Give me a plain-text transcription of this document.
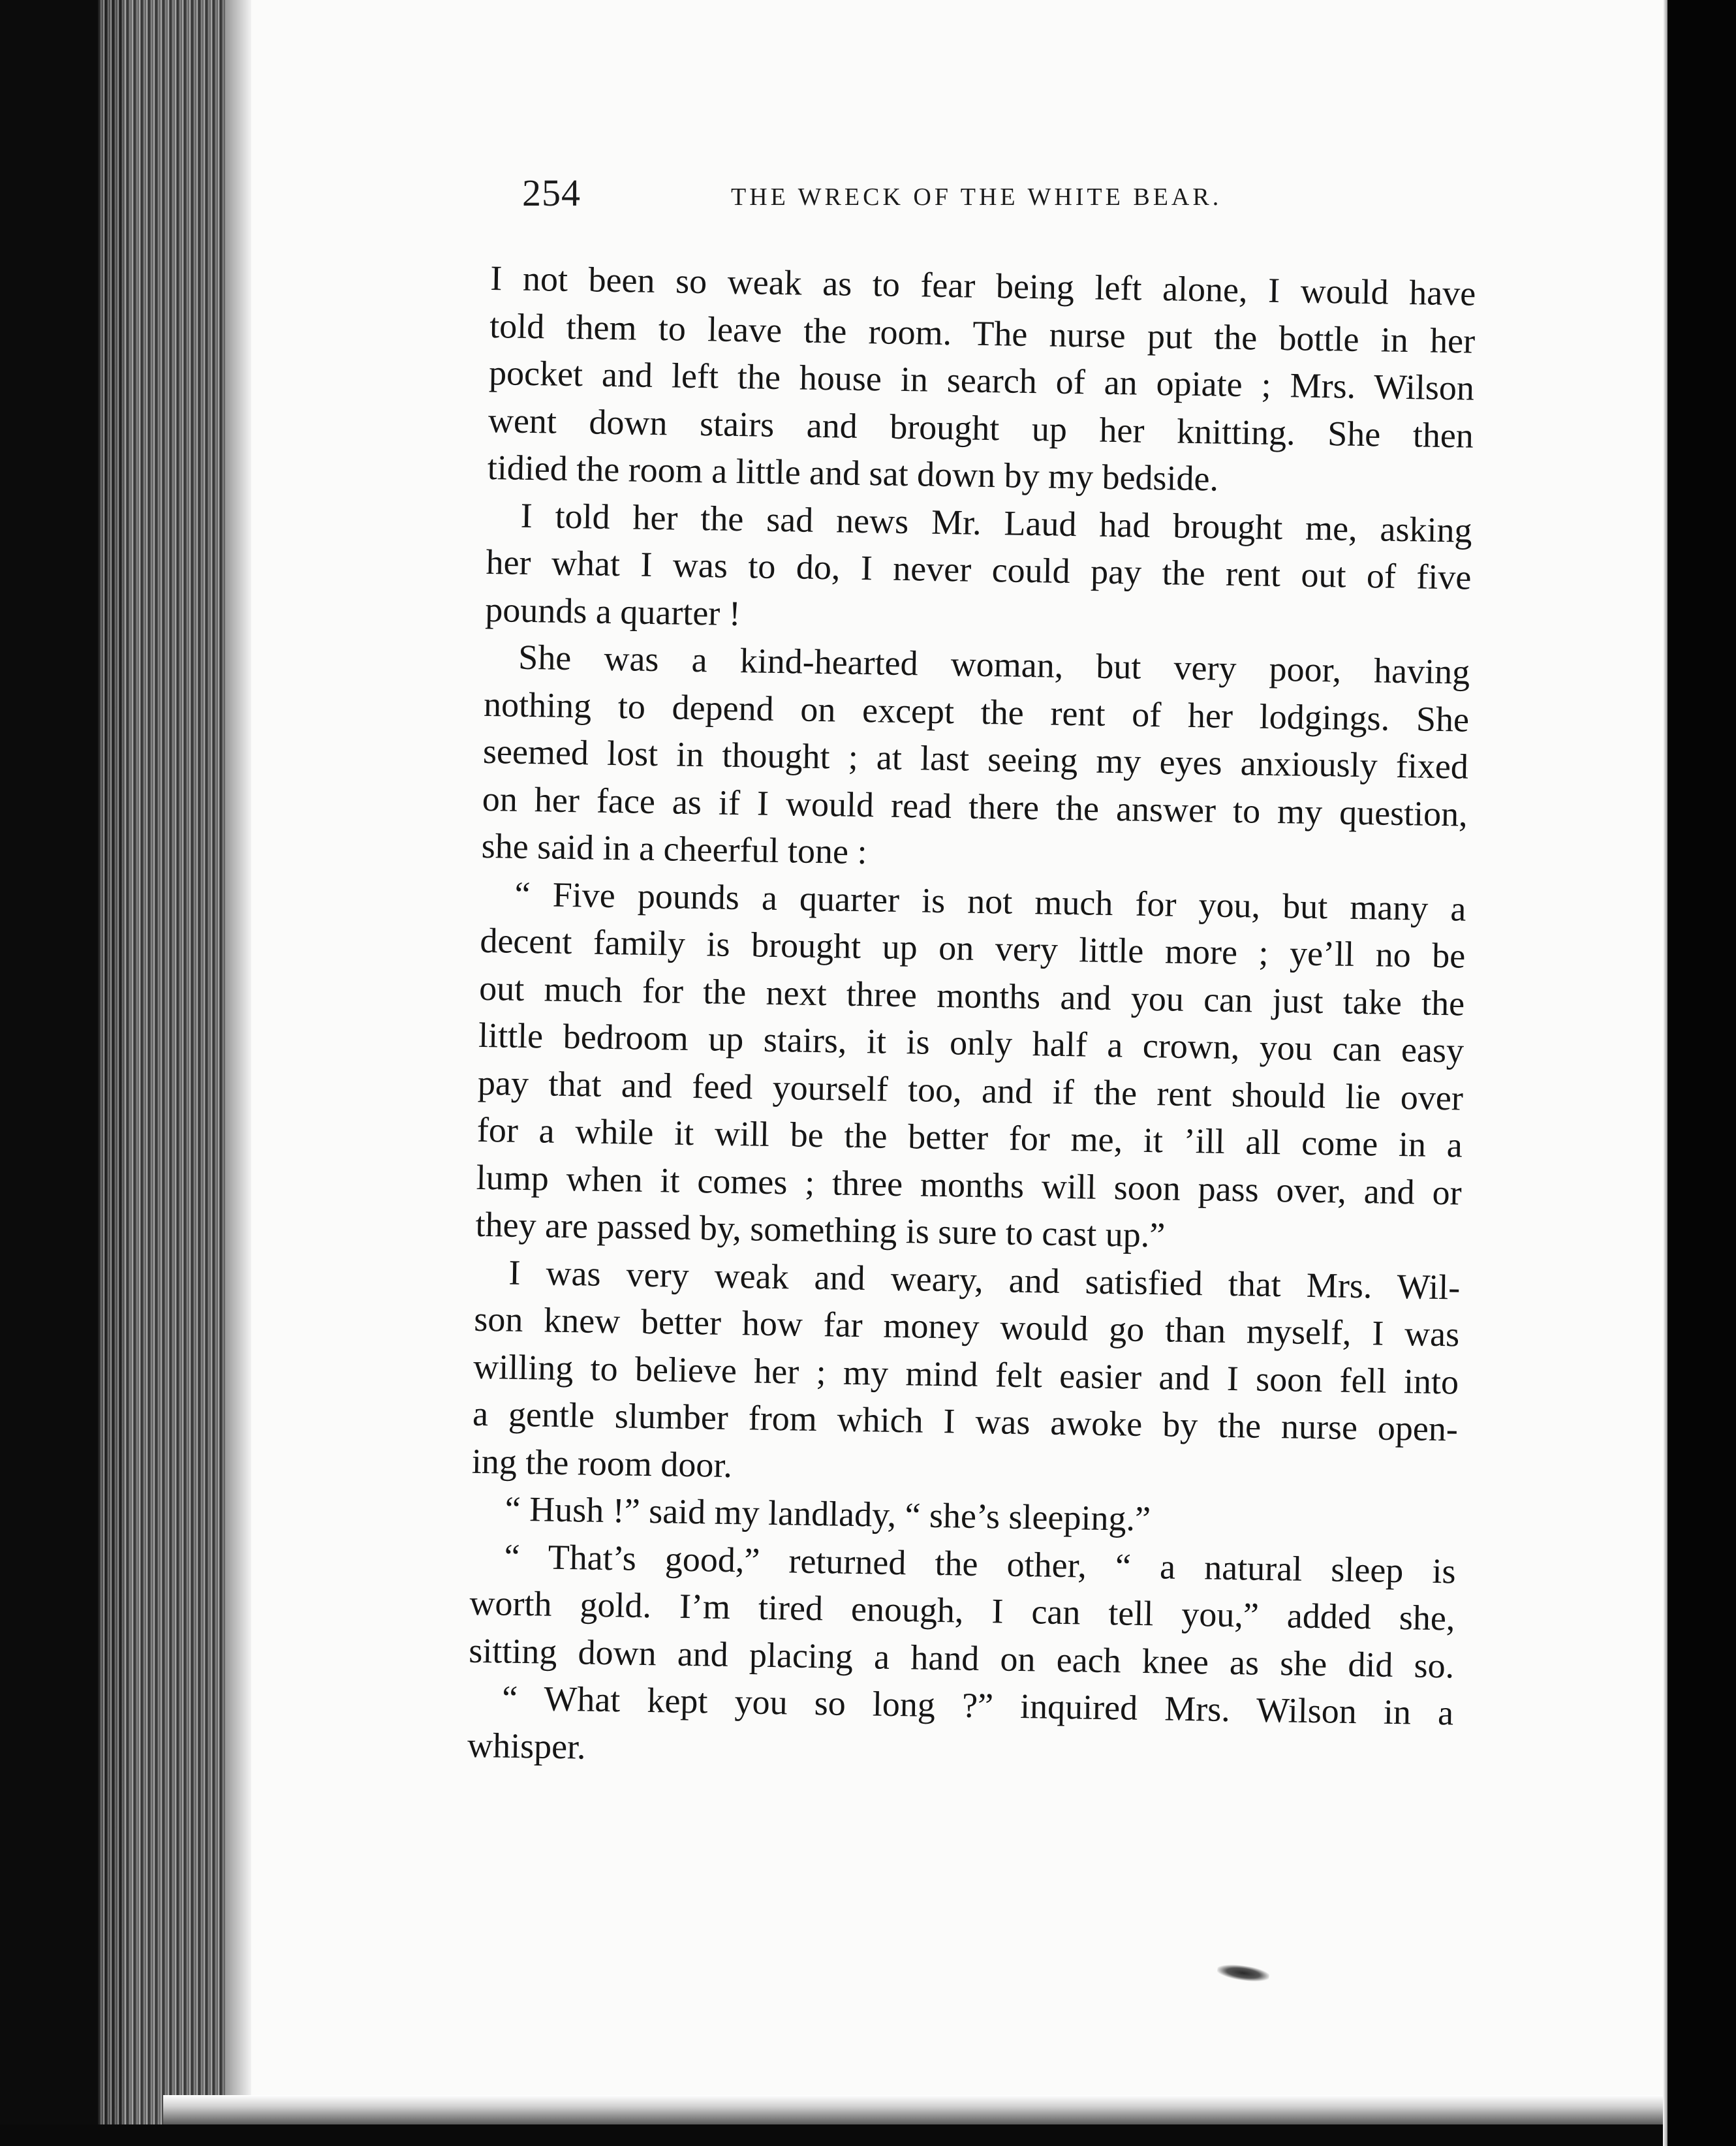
254	THE WRECK OF THE WHITE BEAR.
I not been so weak as to fear being left alone, I would have
told them to leave the room. The nurse put the bottle in her
pocket and left the house in search of an opiate ; Mrs. Wilson
went down stairs and brought up her knitting. She then
tidied the room a little and sat down by my bedside.
I told her the sad news Mr. Laud had brought me, asking
her what I was to do, I never could pay the rent out of five
pounds a quarter !
She was a kind-hearted woman, but very poor, having
nothing to depend on except the rent of her lodgings. She
seemed lost in thought ; at last seeing my eyes anxiously fixed
on her face as if I would read there the answer to my question,
she said in a cheerful tone :
“ Five pounds a quarter is not much for you, but many a
decent family is brought up on very little more ; ye’ll no be
out much for the next three months and you can just take the
little bedroom up stairs, it is only half a crown, you can easy
pay that and feed yourself too, and if the rent should lie over
for a while it will be the better for me, it ’ill all come in a
lump when it comes ; three months will soon pass over, and or
they are passed by, something is sure to cast up.”
I was very weak and weary, and satisfied that Mrs. Wil-
son knew better how far money would go than myself, I was
willing to believe her ; my mind felt easier and I soon fell into
a gentle slumber from which I was awoke by the nurse open-
ing the room door.
“ Hush !” said my landlady, “ she’s sleeping.”
“ That’s good,” returned the other, “ a natural sleep is
worth gold. I’m tired enough, I can tell you,” added she,
sitting down and placing a hand on each knee as she did so.
“ What kept you so long ?” inquired Mrs. Wilson in a
whisper.
